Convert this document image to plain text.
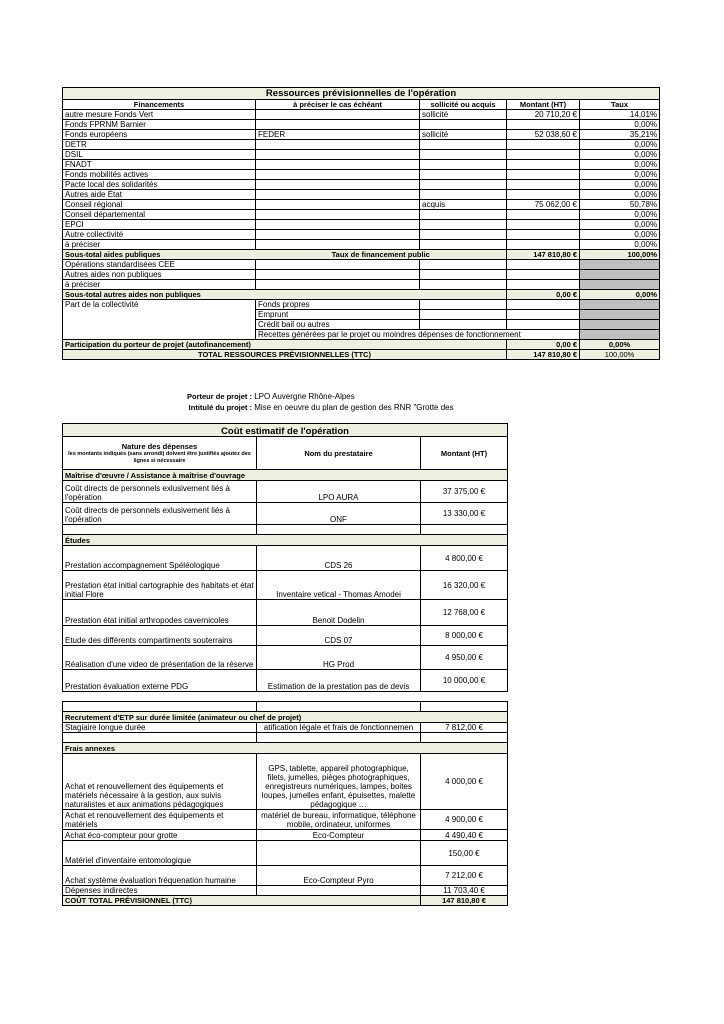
Ressources prévisionnelles de l'opération				
Financements	à préciser le cas échéant	sollicité ou acquis	Montant (HT)	Taux
autre mesure Fonds Vert		sollicité	20 710,20 €	14,01%
Fonds FPRNM Barnier				0,00%
Fonds européens	FEDER	sollicité	52 038,60 €	35,21%
DETR				0,00%
DSIL				0,00%
FNADT				0,00%
Fonds mobilités actives				0,00%
Pacte local des solidarités				0,00%
Autres aide État				0,00%
Conseil régional		acquis	75 062,00 €	50,78%
Conseil départemental				0,00%
EPCI				0,00%
Autre collectivité				0,00%
à préciser				0,00%
Sous-total aides publiques	Taux de financement public		147 810,80 €	100,00%
Opérations standardisées CEE				
Autres aides non publiques				
à préciser				
Sous-total autres aides non publiques			0,00 €	0,00%
Part de la collectivité	Fonds propres			
	Emprunt			
	Crédit bail ou autres			
	Recettes générées par le projet ou moindres dépenses de fonctionnement			
Participation du porteur de projet (autofinancement)			0,00 €	0,00%
TOTAL RESSOURCES PRÉVISIONNELLES (TTC)			147 810,80 €	100,00%
Porteur de projet : LPO Auvergne Rhône-Alpes
Intitulé du projet : Mise en oeuvre du plan de gestion des RNR "Grotte des
Coût estimatif de l'opération		

Nature des dépenses
les montants indiqués (sans arrondi) doivent être justifiés ajoutez des lignes si nécessaire	Nom du prestataire	Montant (HT)
Maîtrise d'œuvre / Assistance à maîtrise d'ouvrage		
Coût directs de personnels exlusivement liés à l'opération	LPO AURA	37 375,00 €
Coût directs de personnels exlusivement liés à l'opération	ONF	13 330,00 €

Études		
Prestation accompagnement Spéléologique	CDS 26	4 800,00 €
Prestation état initial cartographie des habitats et état initial Flore	Inventaire vetical - Thomas Amodei	16 320,00 €
Prestation état initial arthropodes cavernicoles	Benoit Dodelin	12 768,00 €
Etude des différents compartiments souterrains	CDS 07	8 000,00 €
Réalisation d'une video de présentation de la réserve	HG Prod	4 950,00 €
Prestation évaluation externe PDG	Estimation de la prestation pas de devis	10 000,00 €

Recrutement d'ETP sur durée limitée (animateur ou chef de projet)		
Stagiaire longue durée	atification légale et frais de fonctionnemen	7 812,00 €

Frais annexes		
Achat et renouvellement des équipements et matériels nécessaire à la gestion, aux suivis naturalistes et aux animations pédagogiques	GPS, tablette, appareil photographique, filets, jumelles, pièges photographiques, enregistreurs numériques, lampes, boites loupes, jumelles enfant, épuisettes, malette pédagogique …	4 000,00 €
Achat et renouvellement des équipements et matériels	matériel de bureau, informatique, téléphone mobile, ordinateur, uniformes	4 900,00 €
Achat éco-compteur pour grotte	Eco-Compteur	4 490,40 €
Matériel d'inventaire entomologique		150,00 €
Achat système évaluation fréquenation humaine	Eco-Compteur Pyro	7 212,00 €
Dépenses indirectes		11 703,40 €
COÛT TOTAL PRÉVISIONNEL (TTC)		147 810,80 €
